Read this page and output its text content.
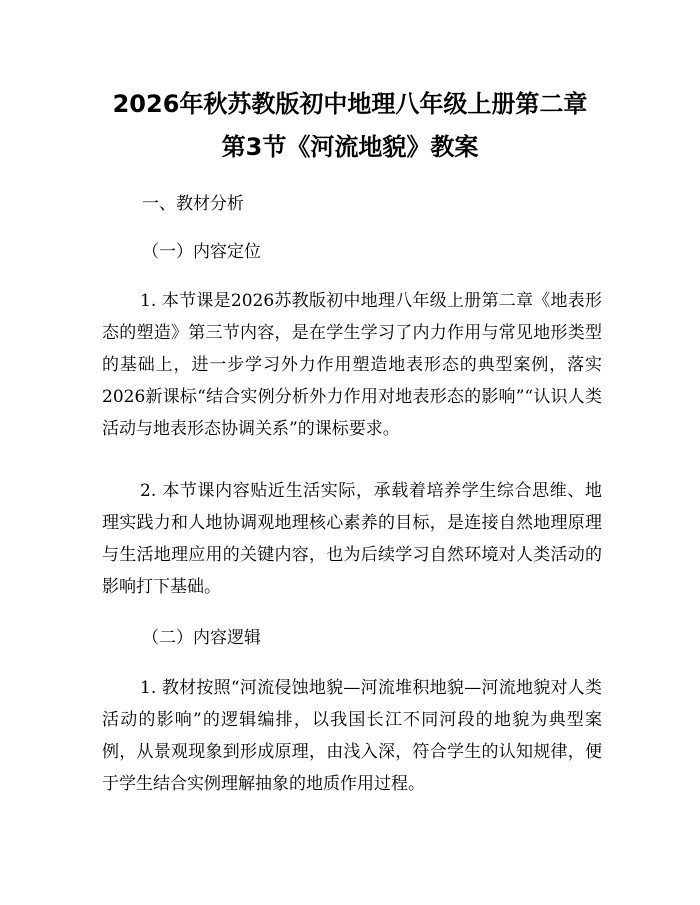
2026年秋苏教版初中地理八年级上册第二章
第3节《河流地貌》教案

一、教材分析

（一）内容定位

1. 本节课是2026苏教版初中地理八年级上册第二章《地表形态的塑造》第三节内容，是在学生学习了内力作用与常见地形类型的基础上，进一步学习外力作用塑造地表形态的典型案例，落实2026新课标“结合实例分析外力作用对地表形态的影响”“认识人类活动与地表形态协调关系”的课标要求。

2. 本节课内容贴近生活实际，承载着培养学生综合思维、地理实践力和人地协调观地理核心素养的目标，是连接自然地理原理与生活地理应用的关键内容，也为后续学习自然环境对人类活动的影响打下基础。

（二）内容逻辑

1. 教材按照“河流侵蚀地貌—河流堆积地貌—河流地貌对人类活动的影响”的逻辑编排，以我国长江不同河段的地貌为典型案例，从景观现象到形成原理，由浅入深，符合学生的认知规律，便于学生结合实例理解抽象的地质作用过程。
